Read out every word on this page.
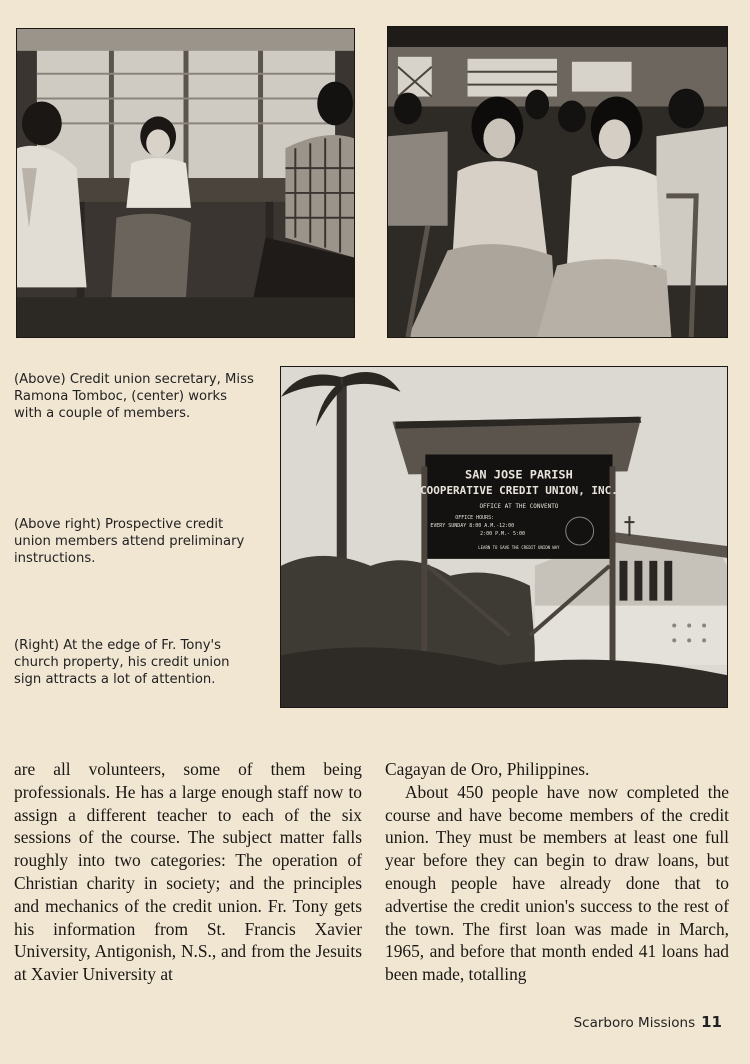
(Above) Credit union secretary, Miss Ramona Tomboc, (center) works with a couple of members.
(Above right) Prospective credit union members attend preliminary instructions.
(Right) At the edge of Fr. Tony's church property, his credit union sign attracts a lot of attention.
SAN JOSE PARISH
COOPERATIVE CREDIT UNION, INC.
OFFICE AT THE CONVENTO
OFFICE HOURS:
EVERY SUNDAY 8:00 A.M.-12:00
2:00 P.M.- 5:00
LEARN TO SAVE THE CREDIT UNION WAY

are all volunteers, some of them being professionals. He has a large enough staff now to assign a different teacher to each of the six sessions of the course. The subject matter falls roughly into two categories: The operation of Christian charity in society; and the principles and mechanics of the credit union. Fr. Tony gets his information from St. Francis Xavier University, Antigonish, N.S., and from the Jesuits at Xavier University at

Cagayan de Oro, Philippines.

About 450 people have now completed the course and have become members of the credit union. They must be members at least one full year before they can begin to draw loans, but enough people have already done that to advertise the credit union's success to the rest of the town. The first loan was made in March, 1965, and before that month ended 41 loans had been made, totalling

Scarboro Missions 11
